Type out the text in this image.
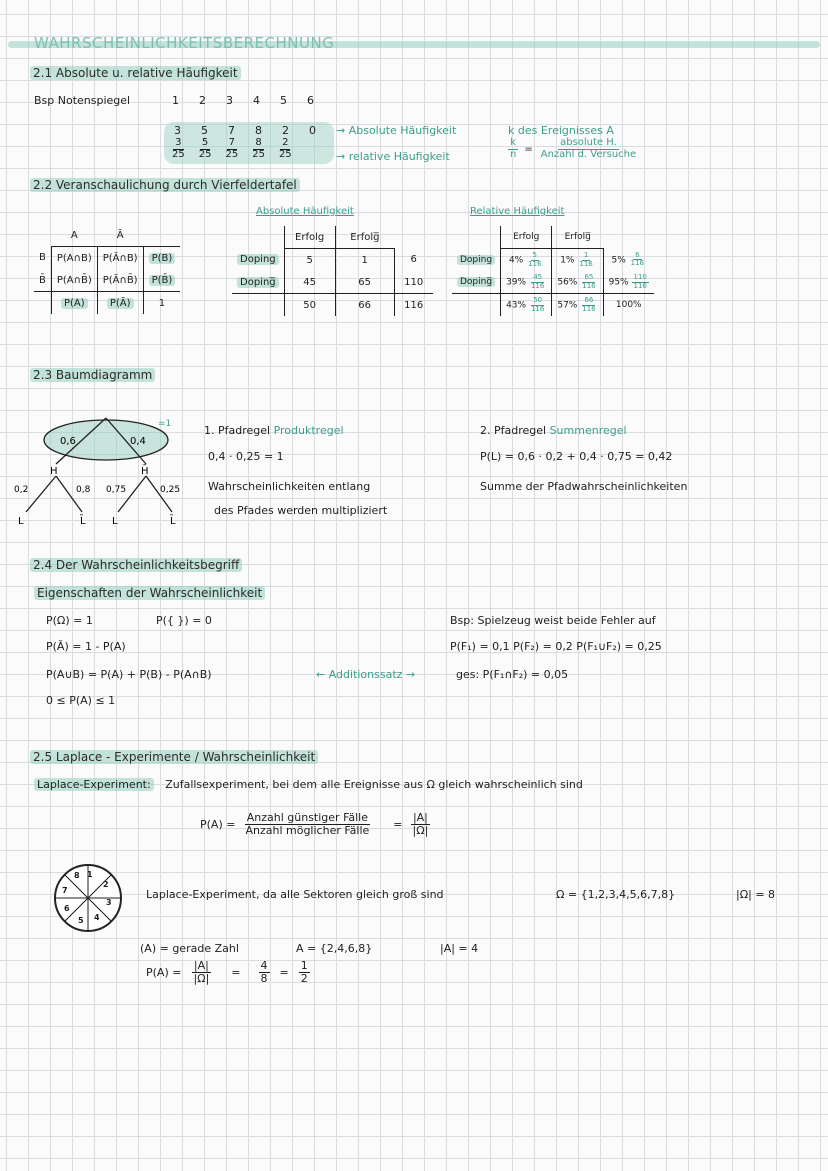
WAHRSCHEINLICHKEITSBERECHNUNG
2.1 Absolute u. relative Häufigkeit
Bsp Notenspiegel	1 2 3 4 5 6
3 5 7 8 2 0 → Absolute Häufigkeit	k des Ereignisses A
$\frac{3}{25} \frac{5}{25} \frac{7}{25} \frac{8}{25} \frac{2}{25}$	→ relative Häufigkeit	$\frac{k}{n} = \frac{\text{absolute H.}}{\text{Anzahl d. Versuche}}$
2.2 Veranschaulichung durch Vierfeldertafel
	A	Ā	
B	P(A∩B)	P(Ā∩B)	P(B)
B̄	P(A∩B̄)	P(Ā∩B̄)	P(B̄)
	P(A)	P(Ā)	1
Absolute Häufigkeit
	Erfolg	Erfolg̅	
Doping	5	1	6
Doping̅	45	65	110
	50	66	116
Relative Häufigkeit
	Erfolg	Erfolg̅	
Doping	$4\% \frac{5}{116}$	$1\% \frac{1}{116}$	$5\% \frac{6}{116}$

Doping̅	$39\% \frac{45}{116}$	$56\% \frac{65}{116}$	$95\% \frac{110}{116}$

	$43\% \frac{50}{116}$	$57\% \frac{66}{116}$	100%
2.3 Baumdiagramm
=1
0,6	0,4
H	H̄
0,2	0,8 0,75	0,25
L	L̄	L	L̄
1. Pfadregel Produktregel
0,4 · 0,25 = 1
Wahrscheinlichkeiten entlang
des Pfades werden multipliziert
2. Pfadregel Summenregel
P(L) = 0,6 · 0,2 + 0,4 · 0,75 = 0,42
Summe der Pfadwahrscheinlichkeiten
2.4 Der Wahrscheinlichkeitsbegriff
Eigenschaften der Wahrscheinlichkeit
P(Ω) = 1	P({ }) = 0
P(Ā) = 1 - P(A)
P(A∪B) = P(A) + P(B) - P(A∩B)	← Additionssatz →
0 ≤ P(A) ≤ 1
Bsp: Spielzeug weist beide Fehler auf
P(F₁) = 0,1 P(F₂) = 0,2 P(F₁∪F₂) = 0,25
ges: P(F₁∩F₂) = 0,05
2.5 Laplace - Experimente / Wahrscheinlichkeit
Laplace-Experiment: Zufallsexperiment, bei dem alle Ereignisse aus Ω gleich wahrscheinlich sind
$P(A) = \frac{\text{Anzahl günstiger Fälle}}{\text{Anzahl möglicher Fälle}} = \frac{|A|}{|\Omega|}$
1
2
3
4
5
6
7
8
Laplace-Experiment, da alle Sektoren gleich groß sind	Ω = {1,2,3,4,5,6,7,8}	|Ω| = 8
(A) = gerade Zahl	A = {2,4,6,8}	|A| = 4
$P(A) = \frac{|A|}{|\Omega|} = \frac{4}{8} = \frac{1}{2}$
